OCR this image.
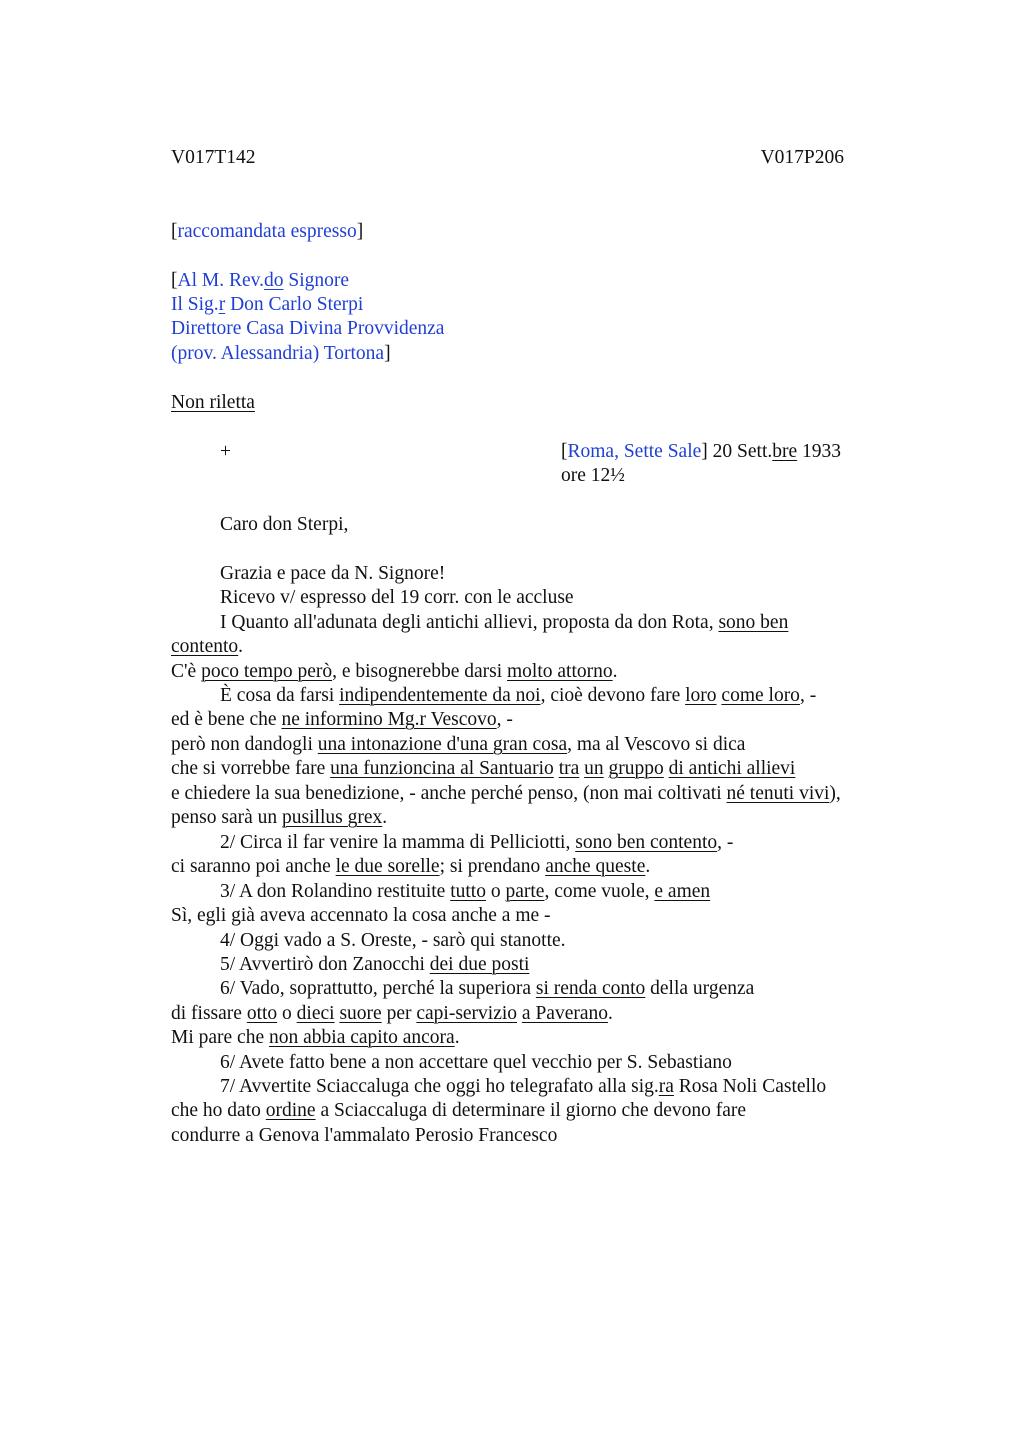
V017T142	V017P206
[raccomandata espresso]
[Al M. Rev.do Signore
Il Sig.r Don Carlo Sterpi
Direttore Casa Divina Provvidenza
(prov. Alessandria) Tortona]
Non riletta
+	[Roma, Sette Sale] 20 Sett.bre 1933
ore 12½
Caro don Sterpi,
Grazia e pace da N. Signore!
Ricevo v/ espresso del 19 corr. con le accluse
I Quanto all'adunata degli antichi allievi, proposta da don Rota, sono ben
contento.
C'è poco tempo però, e bisognerebbe darsi molto attorno.
È cosa da farsi indipendentemente da noi, cioè devono fare loro come loro, -
ed è bene che ne informino Mg.r Vescovo, -
però non dandogli una intonazione d'una gran cosa, ma al Vescovo si dica
che si vorrebbe fare una funzioncina al Santuario tra un gruppo di antichi allievi
e chiedere la sua benedizione, - anche perché penso, (non mai coltivati né tenuti vivi),
penso sarà un pusillus grex.
2/ Circa il far venire la mamma di Pelliciotti, sono ben contento, -
ci saranno poi anche le due sorelle; si prendano anche queste.
3/ A don Rolandino restituite tutto o parte, come vuole, e amen
Sì, egli già aveva accennato la cosa anche a me -
4/ Oggi vado a S. Oreste, - sarò qui stanotte.
5/ Avvertirò don Zanocchi dei due posti
6/ Vado, soprattutto, perché la superiora si renda conto della urgenza
di fissare otto o dieci suore per capi-servizio a Paverano.
Mi pare che non abbia capito ancora.
6/ Avete fatto bene a non accettare quel vecchio per S. Sebastiano
7/ Avvertite Sciaccaluga che oggi ho telegrafato alla sig.ra Rosa Noli Castello
che ho dato ordine a Sciaccaluga di determinare il giorno che devono fare
condurre a Genova l'ammalato Perosio Francesco
